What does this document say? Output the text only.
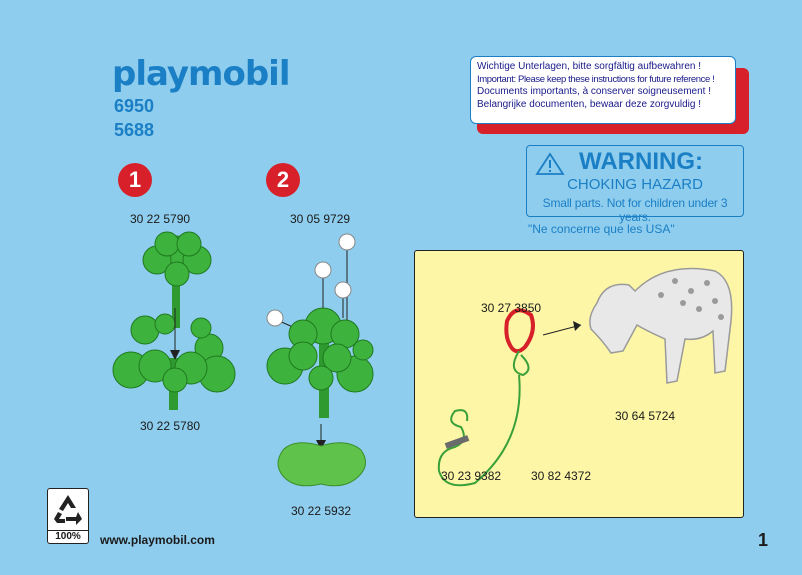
playmobil
6950
5688
Wichtige Unterlagen, bitte sorgfältig aufbewahren !
Important: Please keep these instructions for future reference !
Documents importants, à conserver soigneusement !
Belangrijke documenten, bewaar deze zorgvuldig !
WARNING:
CHOKING HAZARD
Small parts. Not for children under 3 years.
"Ne concerne que les USA"
1	2
30 22 5790
30 22 5780
30 05 9729
30 22 5932
30 27 3850
30 64 5724
30 23 9382 30 82 4372
100%	www.playmobil.com	1
